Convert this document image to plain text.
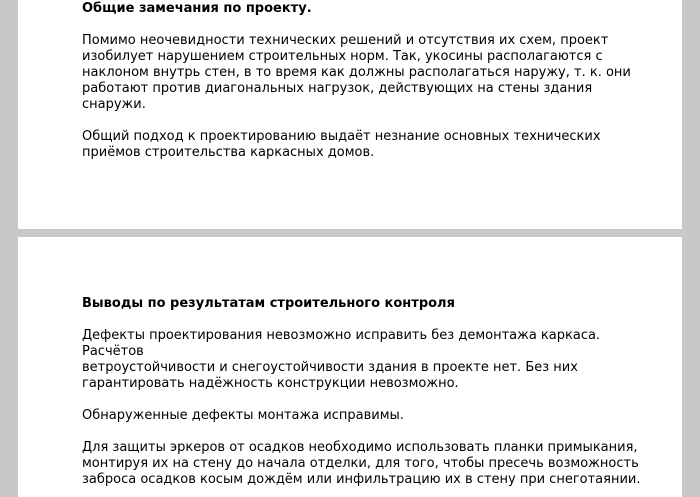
Общие замечания по проекту.

Помимо неочевидности технических решений и отсутствия их схем, проект
изобилует нарушением строительных норм. Так, укосины располагаются с
наклоном внутрь стен, в то время как должны располагаться наружу, т. к. они
работают против диагональных нагрузок, действующих на стены здания снаружи.

Общий подход к проектированию выдаёт незнание основных технических
приёмов строительства каркасных домов.

Выводы по результатам строительного контроля

Дефекты проектирования невозможно исправить без демонтажа каркаса. Расчётов
ветроустойчивости и снегоустойчивости здания в проекте нет. Без них
гарантировать надёжность конструкции невозможно.

Обнаруженные дефекты монтажа исправимы.

Для защиты эркеров от осадков необходимо использовать планки примыкания,
монтируя их на стену до начала отделки, для того, чтобы пресечь возможность
заброса осадков косым дождём или инфильтрацию их в стену при снеготаянии.
